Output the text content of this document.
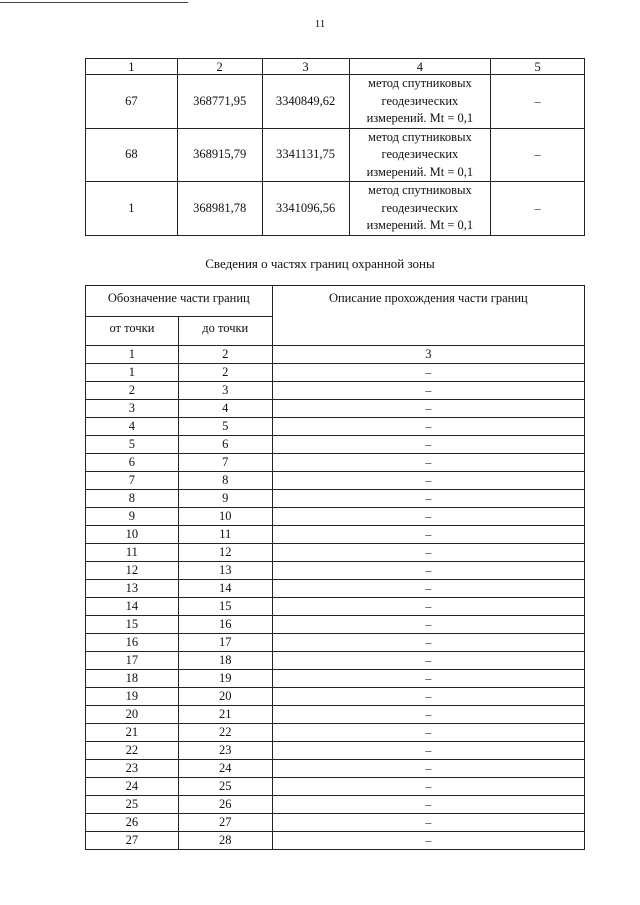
11
1	2	3	4	5
67	368771,95	3340849,62	метод спутниковых
геодезических
измерений. Mt = 0,1	–
68	368915,79	3341131,75	метод спутниковых
геодезических
измерений. Mt = 0,1	–
1	368981,78	3341096,56	метод спутниковых
геодезических
измерений. Mt = 0,1	–
Сведения о частях границ охранной зоны
Обозначение части границ		Описание прохождения части границ
от точки	до точки	
1	2	3
1	2	–
2	3	–
3	4	–
4	5	–
5	6	–
6	7	–
7	8	–
8	9	–
9	10	–
10	11	–
11	12	–
12	13	–
13	14	–
14	15	–
15	16	–
16	17	–
17	18	–
18	19	–
19	20	–
20	21	–
21	22	–
22	23	–
23	24	–
24	25	–
25	26	–
26	27	–
27	28	–
